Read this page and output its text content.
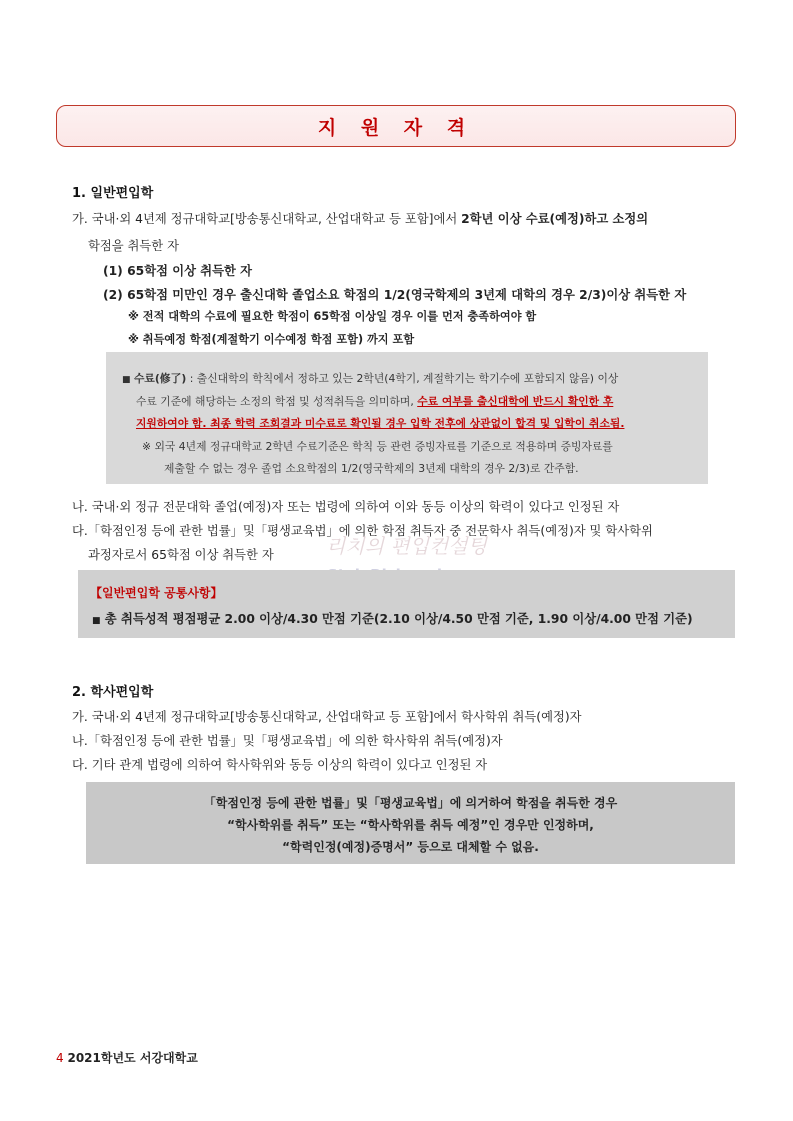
지 원 자 격
1. 일반편입학
가. 국내·외 4년제 정규대학교[방송통신대학교, 산업대학교 등 포함]에서 2학년 이상 수료(예정)하고 소정의
학점을 취득한 자
(1) 65학점 이상 취득한 자
(2) 65학점 미만인 경우 출신대학 졸업소요 학점의 1/2(영국학제의 3년제 대학의 경우 2/3)이상 취득한 자
※ 전적 대학의 수료에 필요한 학점이 65학점 이상일 경우 이를 먼저 충족하여야 함
※ 취득예정 학점(계절학기 이수예정 학점 포함) 까지 포함
■ 수료(修了) : 출신대학의 학칙에서 정하고 있는 2학년(4학기, 계절학기는 학기수에 포함되지 않음) 이상
수료 기준에 해당하는 소정의 학점 및 성적취득을 의미하며, 수료 여부를 출신대학에 반드시 확인한 후
지원하여야 함. 최종 학력 조회결과 미수료로 확인될 경우 입학 전후에 상관없이 합격 및 입학이 취소됨.
※ 외국 4년제 정규대학교 2학년 수료기준은 학칙 등 관련 증빙자료를 기준으로 적용하며 증빙자료를
제출할 수 없는 경우 졸업 소요학점의 1/2(영국학제의 3년제 대학의 경우 2/3)로 간주함.
나. 국내·외 정규 전문대학 졸업(예정)자 또는 법령에 의하여 이와 동등 이상의 학력이 있다고 인정된 자
다.「학점인정 등에 관한 법률」및「평생교육법」에 의한 학점 취득자 중 전문학사 취득(예정)자 및 학사학위
과정자로서 65학점 이상 취득한 자	리치의 편입컨설팅
【일반편입학 공통사항】
■ 총 취득성적 평점평균 2.00 이상/4.30 만점 기준(2.10 이상/4.50 만점 기준, 1.90 이상/4.00 만점 기준)
2. 학사편입학
가. 국내·외 4년제 정규대학교[방송통신대학교, 산업대학교 등 포함]에서 학사학위 취득(예정)자
나.「학점인정 등에 관한 법률」및「평생교육법」에 의한 학사학위 취득(예정)자
다. 기타 관계 법령에 의하여 학사학위와 동등 이상의 학력이 있다고 인정된 자
「학점인정 등에 관한 법률」및「평생교육법」에 의거하여 학점을 취득한 경우
“학사학위를 취득” 또는 “학사학위를 취득 예정”인 경우만 인정하며,
“학력인정(예정)증명서” 등으로 대체할 수 없음.
4 2021학년도 서강대학교
